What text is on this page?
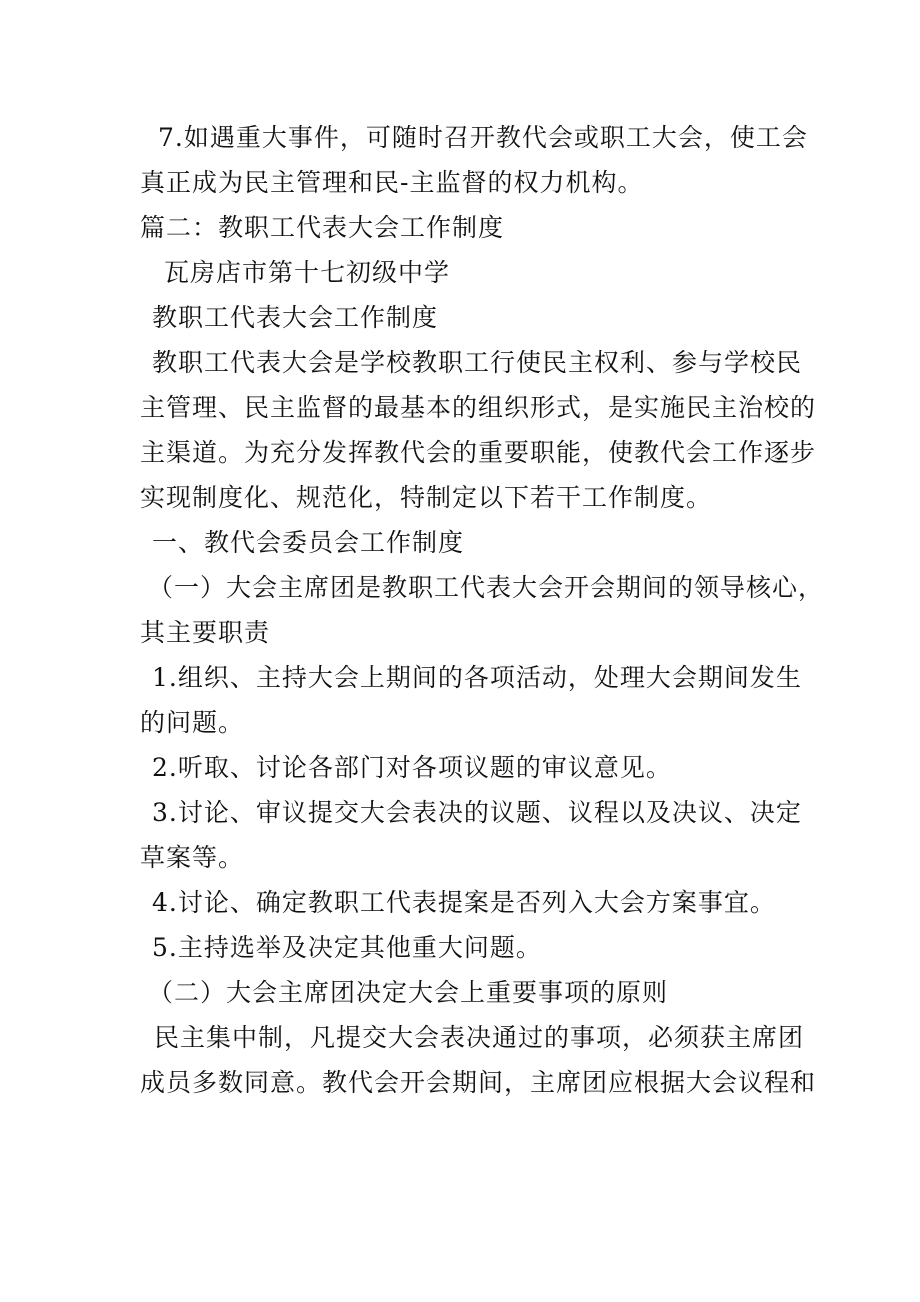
7.如遇重大事件，可随时召开教代会或职工大会，使工会
真正成为民主管理和民-主监督的权力机构。
篇二：教职工代表大会工作制度
瓦房店市第十七初级中学
教职工代表大会工作制度
教职工代表大会是学校教职工行使民主权利、参与学校民
主管理、民主监督的最基本的组织形式，是实施民主治校的
主渠道。为充分发挥教代会的重要职能，使教代会工作逐步
实现制度化、规范化，特制定以下若干工作制度。
一、教代会委员会工作制度
（一）大会主席团是教职工代表大会开会期间的领导核心，
其主要职责
1.组织、主持大会上期间的各项活动，处理大会期间发生
的问题。
2.听取、讨论各部门对各项议题的审议意见。
3.讨论、审议提交大会表决的议题、议程以及决议、决定
草案等。
4.讨论、确定教职工代表提案是否列入大会方案事宜。
5.主持选举及决定其他重大问题。
（二）大会主席团决定大会上重要事项的原则
民主集中制，凡提交大会表决通过的事项，必须获主席团
成员多数同意。教代会开会期间，主席团应根据大会议程和
